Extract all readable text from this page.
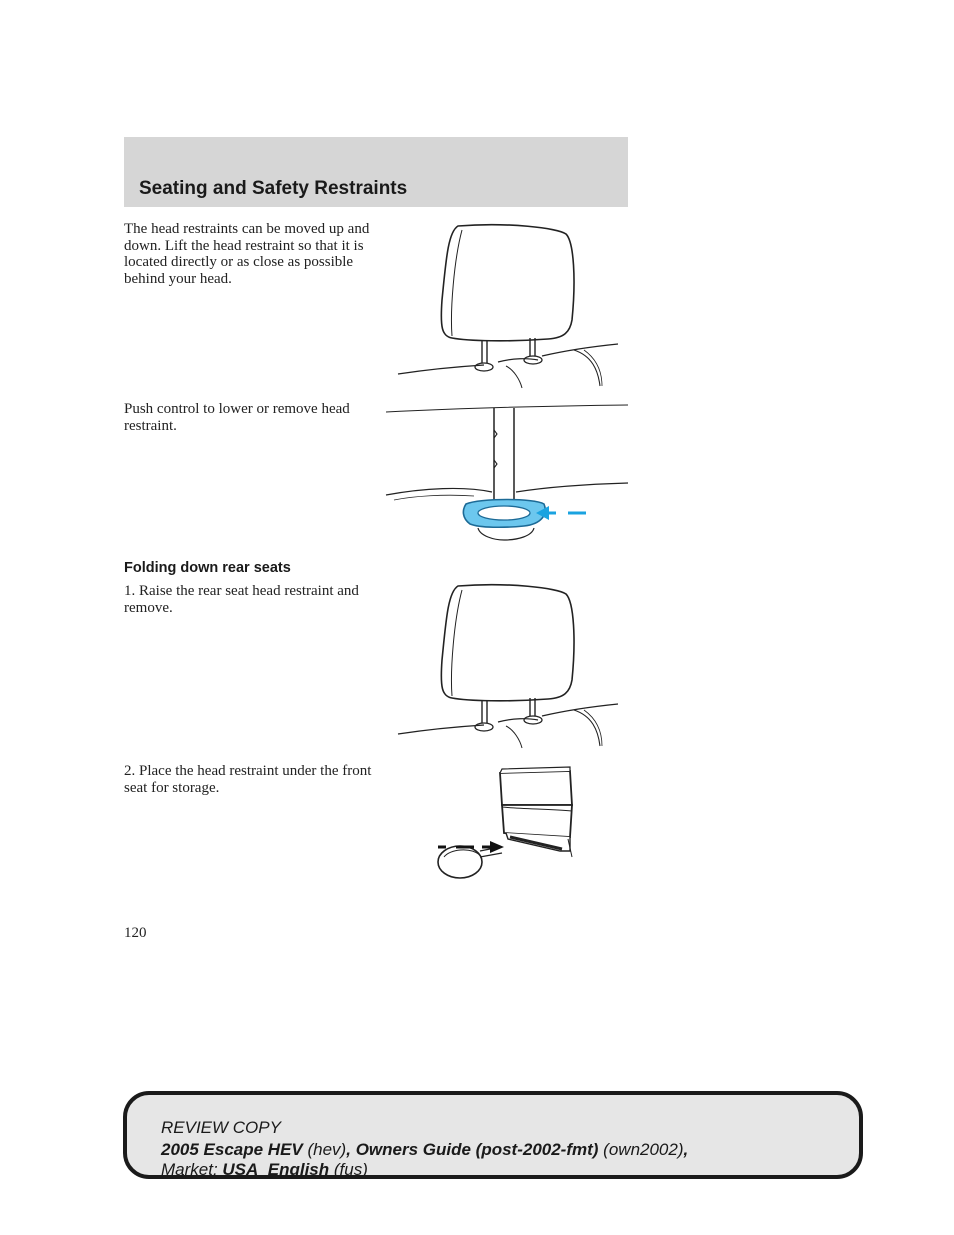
Seating and Safety Restraints

The head restraints can be moved up and down. Lift the head restraint so that it is located directly or as close as possible behind your head.

Push control to lower or remove head restraint.

Folding down rear seats

1. Raise the rear seat head restraint and remove.

2. Place the head restraint under the front seat for storage.

120

REVIEW COPY

2005 Escape HEV (hev), Owners Guide (post-2002-fmt) (own2002),

Market: USA_English (fus)
